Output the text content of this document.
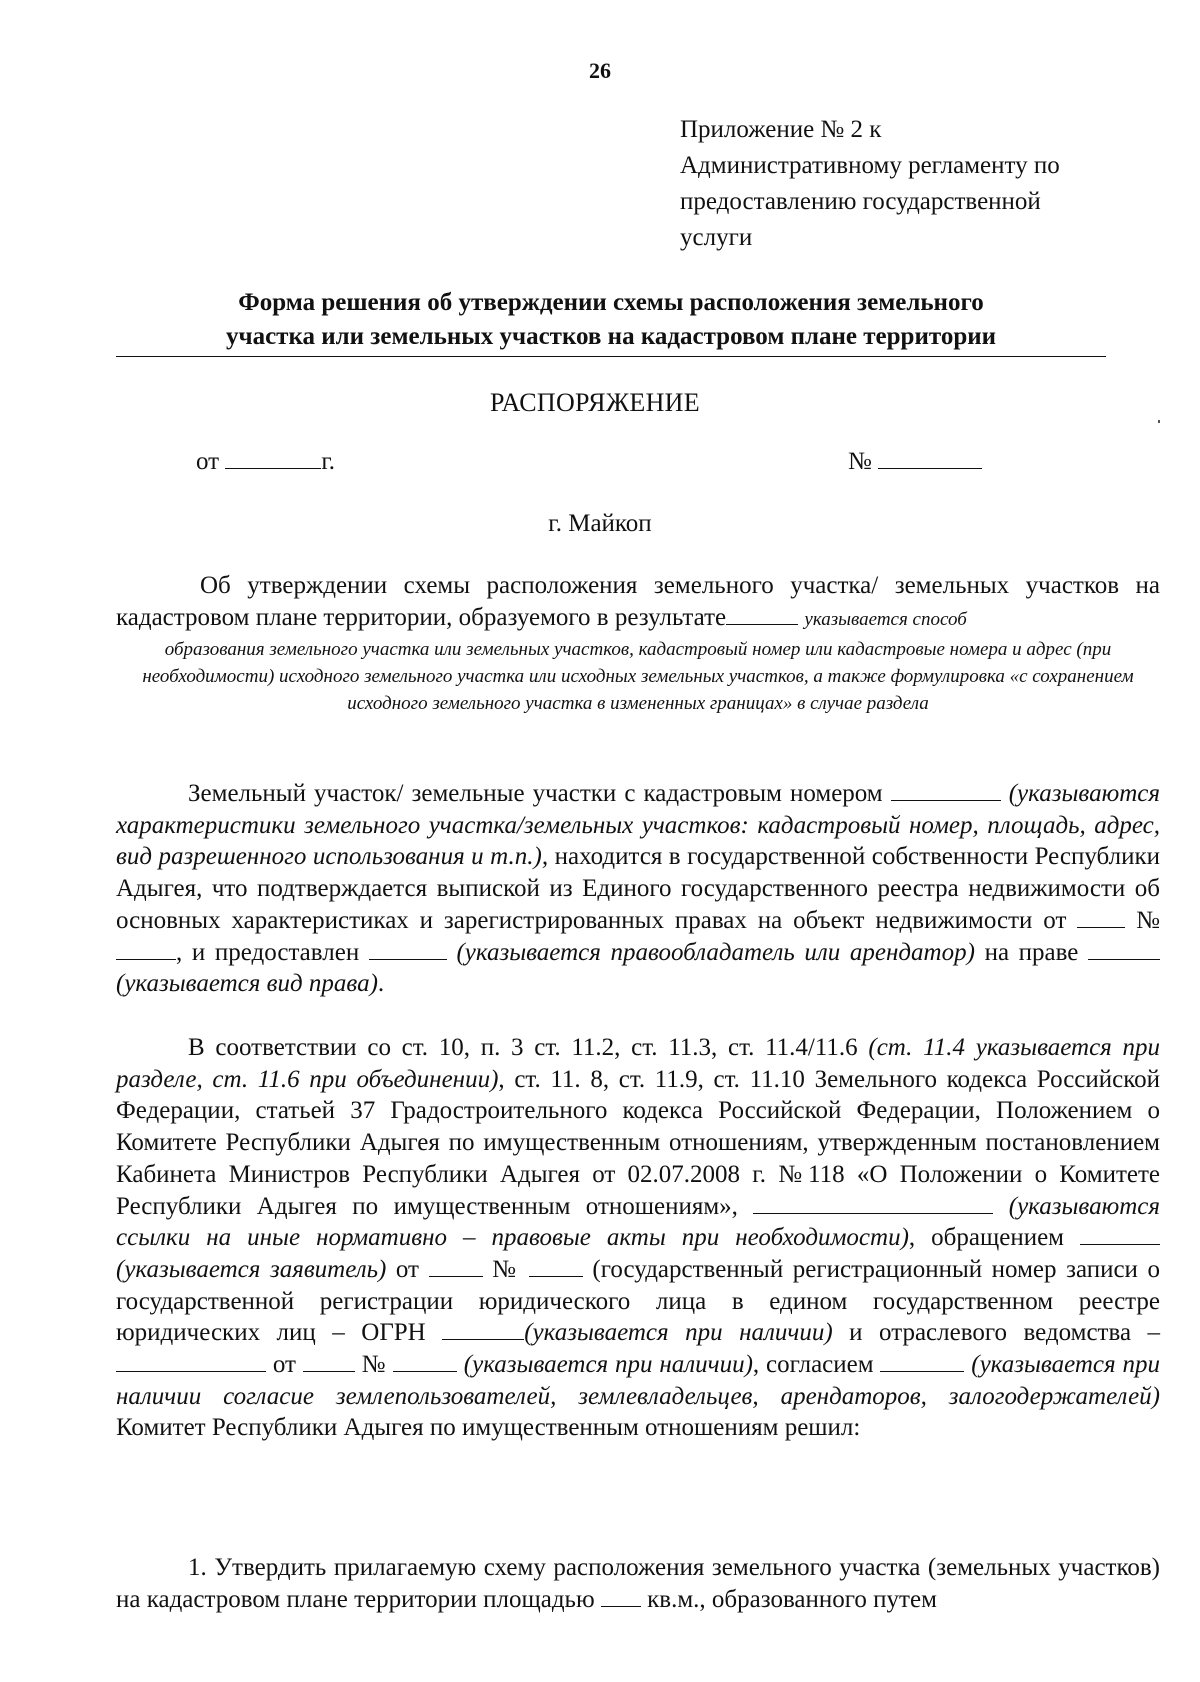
26
Приложение № 2 к
Административному регламенту по
предоставлению государственной
услуги
Форма решения об утверждении схемы расположения земельного
участка или земельных участков на кадастровом плане территории
РАСПОРЯЖЕНИЕ
от	г.	№
г. Майкоп
Об утверждении схемы расположения земельного участка/ земельных участков на кадастровом плане территории, образуемого в результате	указывается способ
образования земельного участка или земельных участков, кадастровый номер или кадастровые номера и адрес (при необходимости) исходного земельного участка или исходных земельных участков, а также формулировка «с сохранением исходного земельного участка в измененных границах» в случае раздела
Земельный участок/ земельные участки с кадастровым номером	(указываются характеристики земельного участка/земельных участков: кадастровый номер, площадь, адрес, вид разрешенного использования и т.п.), находится в государственной собственности Республики Адыгея, что подтверждается выпиской из Единого государственного реестра недвижимости об основных характеристиках и зарегистрированных правах на объект недвижимости от	№ , и предоставлен	(указывается правообладатель или арендатор) на праве  (указывается вид права).
В соответствии со ст. 10, п. 3 ст. 11.2, ст. 11.3, ст. 11.4/11.6 (ст. 11.4 указывается при разделе, ст. 11.6 при объединении), ст. 11. 8, ст. 11.9, ст. 11.10 Земельного кодекса Российской Федерации, статьей 37 Градостроительного кодекса Российской Федерации, Положением о Комитете Республики Адыгея по имущественным отношениям, утвержденным постановлением Кабинета Министров Республики Адыгея от 02.07.2008 г. №118 «О Положении о Комитете Республики Адыгея по имущественным отношениям»,	(указываются ссылки на иные нормативно – правовые акты при необходимости), обращением  (указывается заявитель) от	№	(государственный регистрационный номер записи о государственной регистрации юридического лица в едином государственном реестре юридических лиц – ОГРН	(указывается при наличии) и отраслевого ведомства –  от	№	(указывается при наличии), согласием	(указывается при наличии согласие землепользователей, землевладельцев, арендаторов, залогодержателей) Комитет Республики Адыгея по имущественным отношениям решил:
1. Утвердить прилагаемую схему расположения земельного участка (земельных участков) на кадастровом плане территории площадью кв.м., образованного путем
